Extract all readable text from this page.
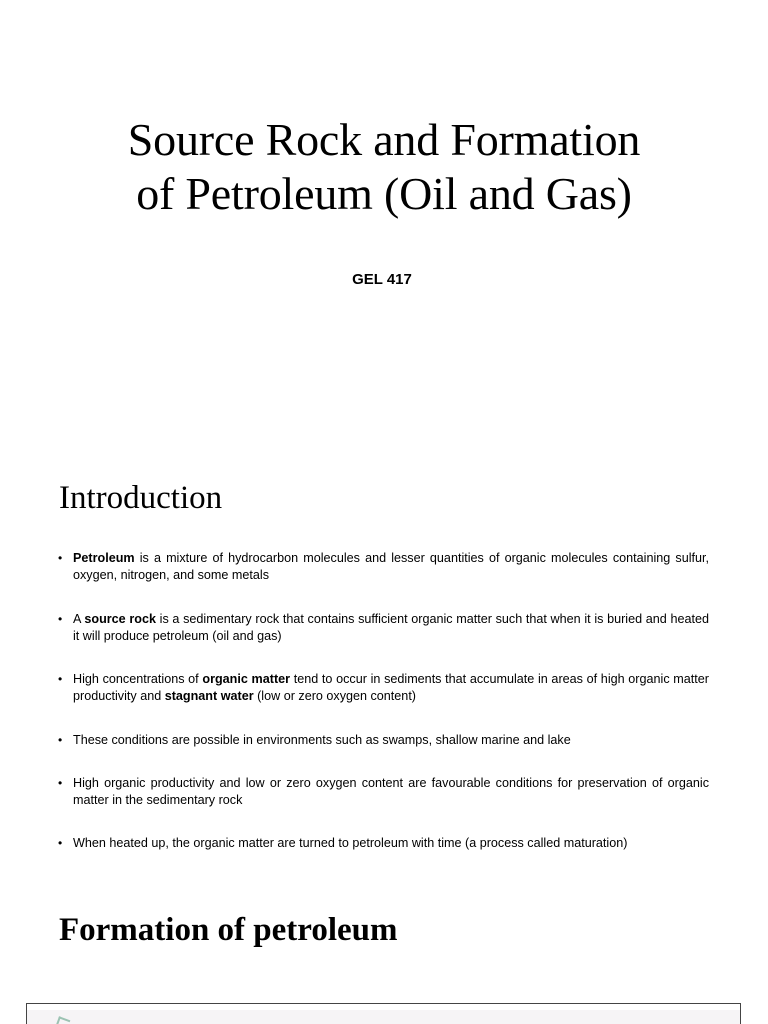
Source Rock and Formation
of Petroleum (Oil and Gas)
GEL 417
Introduction
• Petroleum is a mixture of hydrocarbon molecules and lesser quantities of organic molecules containing sulfur, oxygen, nitrogen, and some metals
• A source rock is a sedimentary rock that contains sufficient organic matter such that when it is buried and heated it will produce petroleum (oil and gas)
• High concentrations of organic matter tend to occur in sediments that accumulate in areas of high organic matter productivity and stagnant water (low or zero oxygen content)
• These conditions are possible in environments such as swamps, shallow marine and lake
• High organic productivity and low or zero oxygen content are favourable conditions for preservation of organic matter in the sedimentary rock
• When heated up, the organic matter are turned to petroleum with time (a process called maturation)
Formation of petroleum
